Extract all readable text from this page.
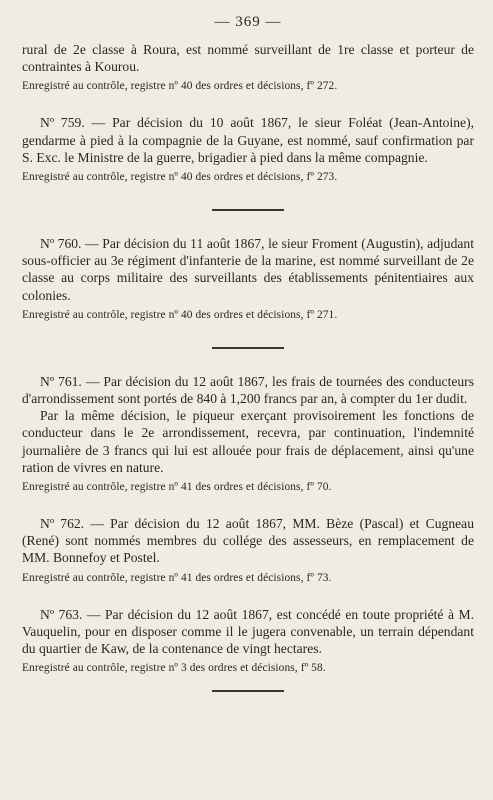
— 369 —

rural de 2e classe à Roura, est nommé surveillant de 1re classe et porteur de contraintes à Kourou.

Enregistré au contrôle, registre nº 40 des ordres et décisions, fº 272.

Nº 759. — Par décision du 10 août 1867, le sieur Foléat (Jean-Antoine), gendarme à pied à la compagnie de la Guyane, est nommé, sauf confirmation par S. Exc. le Ministre de la guerre, brigadier à pied dans la même compagnie.

Enregistré au contrôle, registre nº 40 des ordres et décisions, fº 273.

Nº 760. — Par décision du 11 août 1867, le sieur Froment (Augustin), adjudant sous-officier au 3e régiment d'infanterie de la marine, est nommé surveillant de 2e classe au corps militaire des surveillants des établissements pénitentiaires aux colonies.

Enregistré au contrôle, registre nº 40 des ordres et décisions, fº 271.

Nº 761. — Par décision du 12 août 1867, les frais de tournées des conducteurs d'arrondissement sont portés de 840 à 1,200 francs par an, à compter du 1er dudit.

Par la même décision, le piqueur exerçant provisoirement les fonctions de conducteur dans le 2e arrondissement, recevra, par continuation, l'indemnité journalière de 3 francs qui lui est allouée pour frais de déplacement, ainsi qu'une ration de vivres en nature.

Enregistré au contrôle, registre nº 41 des ordres et décisions, fº 70.

Nº 762. — Par décision du 12 août 1867, MM. Bèze (Pascal) et Cugneau (René) sont nommés membres du collége des assesseurs, en remplacement de MM. Bonnefoy et Postel.

Enregistré au contrôle, registre nº 41 des ordres et décisions, fº 73.

Nº 763. — Par décision du 12 août 1867, est concédé en toute propriété à M. Vauquelin, pour en disposer comme il le jugera convenable, un terrain dépendant du quartier de Kaw, de la contenance de vingt hectares.

Enregistré au contrôle, registre nº 3 des ordres et décisions, fº 58.
